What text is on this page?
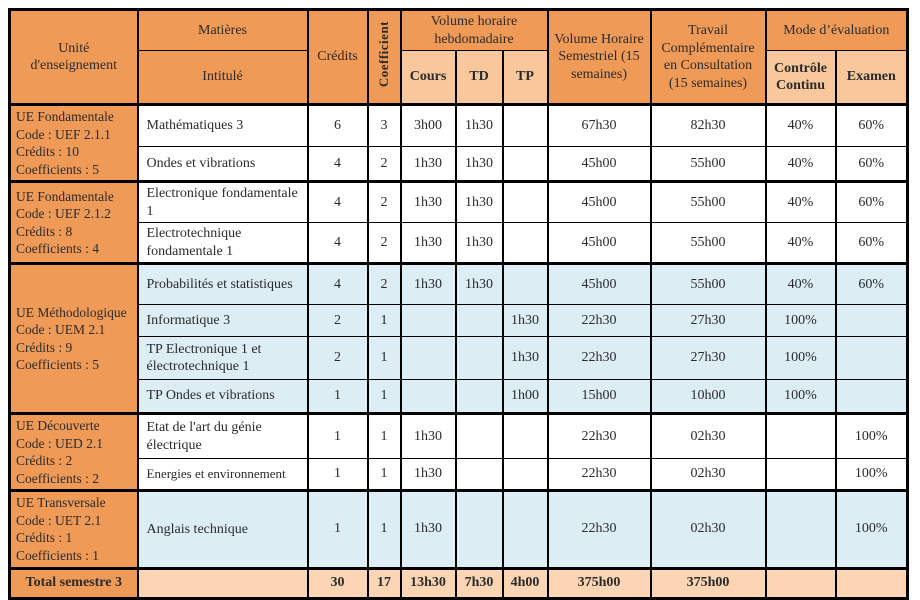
Unité d'enseignement	Matières	Crédits	Coefficient	Volume horaire hebdomadaire			Volume Horaire Semestriel (15 semaines)	Travail Complémentaire en Consultation (15 semaines)	Mode d’évaluation	
	Intitulé			Cours	TD	TP			Contrôle Continu	Examen

UE Fondamentale
Code : UEF 2.1.1
Crédits : 10
Coefficients : 5	Mathématiques 3	6	3	3h00	1h30		67h30	82h30	40%	60%
	Ondes et vibrations	4	2	1h30	1h30		45h00	55h00	40%	60%

UE Fondamentale
Code : UEF 2.1.2
Crédits : 8
Coefficients : 4	Electronique fondamentale 1	4	2	1h30	1h30		45h00	55h00	40%	60%
	Electrotechnique fondamentale 1	4	2	1h30	1h30		45h00	55h00	40%	60%

UE Méthodologique
Code : UEM 2.1
Crédits : 9
Coefficients : 5	Probabilités et statistiques	4	2	1h30	1h30		45h00	55h00	40%	60%
	Informatique 3	2	1			1h30	22h30	27h30	100%	
	TP Electronique 1 et électrotechnique 1	2	1			1h30	22h30	27h30	100%	
	TP Ondes et vibrations	1	1			1h00	15h00	10h00	100%	

UE Découverte
Code : UED 2.1
Crédits : 2
Coefficients : 2	Etat de l'art du génie électrique	1	1	1h30			22h30	02h30		100%
	Energies et environnement	1	1	1h30			22h30	02h30		100%

UE Transversale
Code : UET 2.1
Crédits : 1
Coefficients : 1	Anglais technique	1	1	1h30			22h30	02h30		100%
Total semestre 3		30	17	13h30	7h30	4h00	375h00	375h00		
